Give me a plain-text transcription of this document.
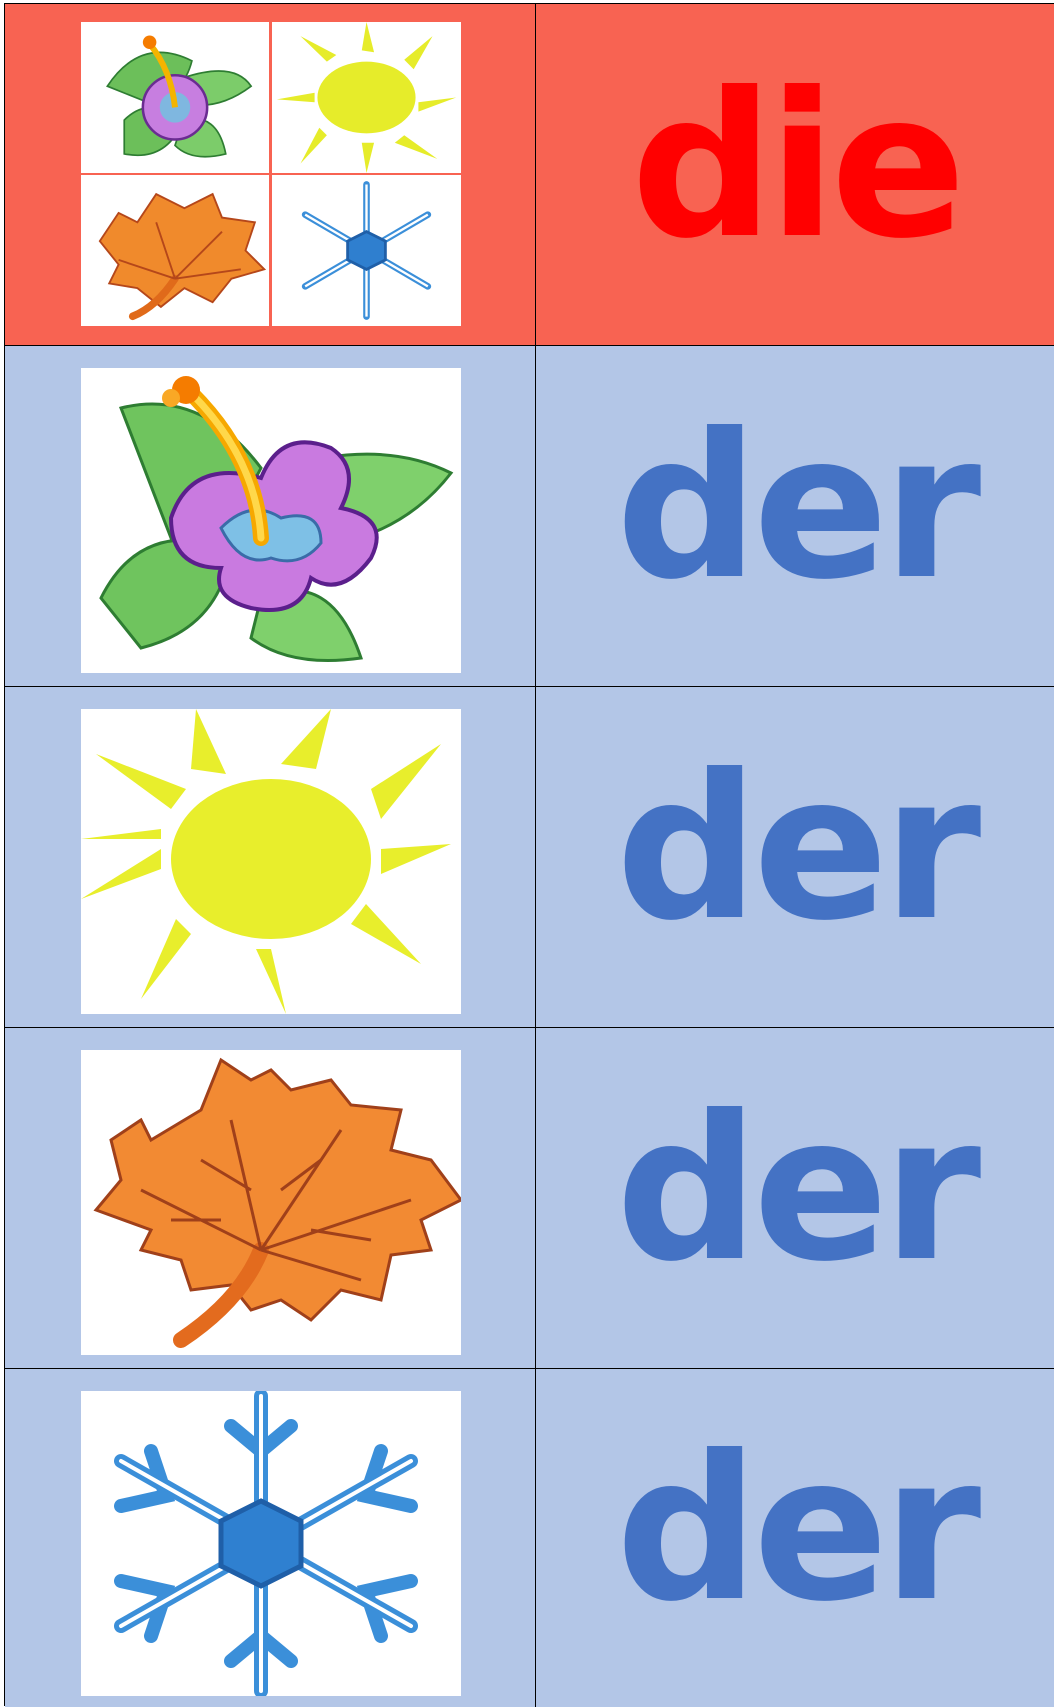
die
der
der
der
der
